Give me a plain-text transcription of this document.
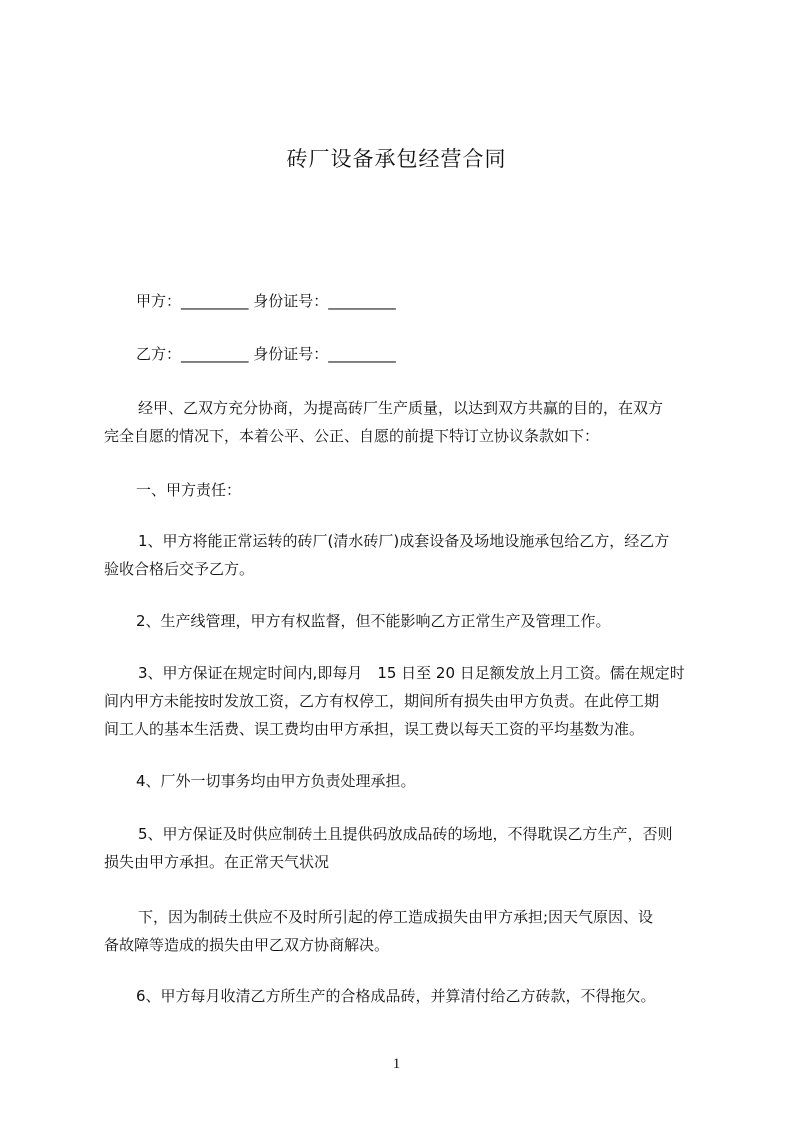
砖厂设备承包经营合同
甲方：_________ 身份证号：_________
乙方：_________ 身份证号：_________
经甲、乙双方充分协商，为提高砖厂生产质量，以达到双方共赢的目的，在双方
完全自愿的情况下，本着公平、公正、自愿的前提下特订立协议条款如下：
一、甲方责任：
1、甲方将能正常运转的砖厂(清水砖厂)成套设备及场地设施承包给乙方，经乙方
验收合格后交予乙方。
2、生产线管理，甲方有权监督，但不能影响乙方正常生产及管理工作。
3、甲方保证在规定时间内,即每月　15 日至 20 日足额发放上月工资。儒在规定时
间内甲方未能按时发放工资，乙方有权停工，期间所有损失由甲方负责。在此停工期
间工人的基本生活费、误工费均由甲方承担，误工费以每天工资的平均基数为准。
4、厂外一切事务均由甲方负责处理承担。
5、甲方保证及时供应制砖土且提供码放成品砖的场地，不得耽误乙方生产，否则
损失由甲方承担。在正常天气状况
下，因为制砖土供应不及时所引起的停工造成损失由甲方承担;因天气原因、设
备故障等造成的损失由甲乙双方协商解决。
6、甲方每月收清乙方所生产的合格成品砖，并算清付给乙方砖款，不得拖欠。
1
